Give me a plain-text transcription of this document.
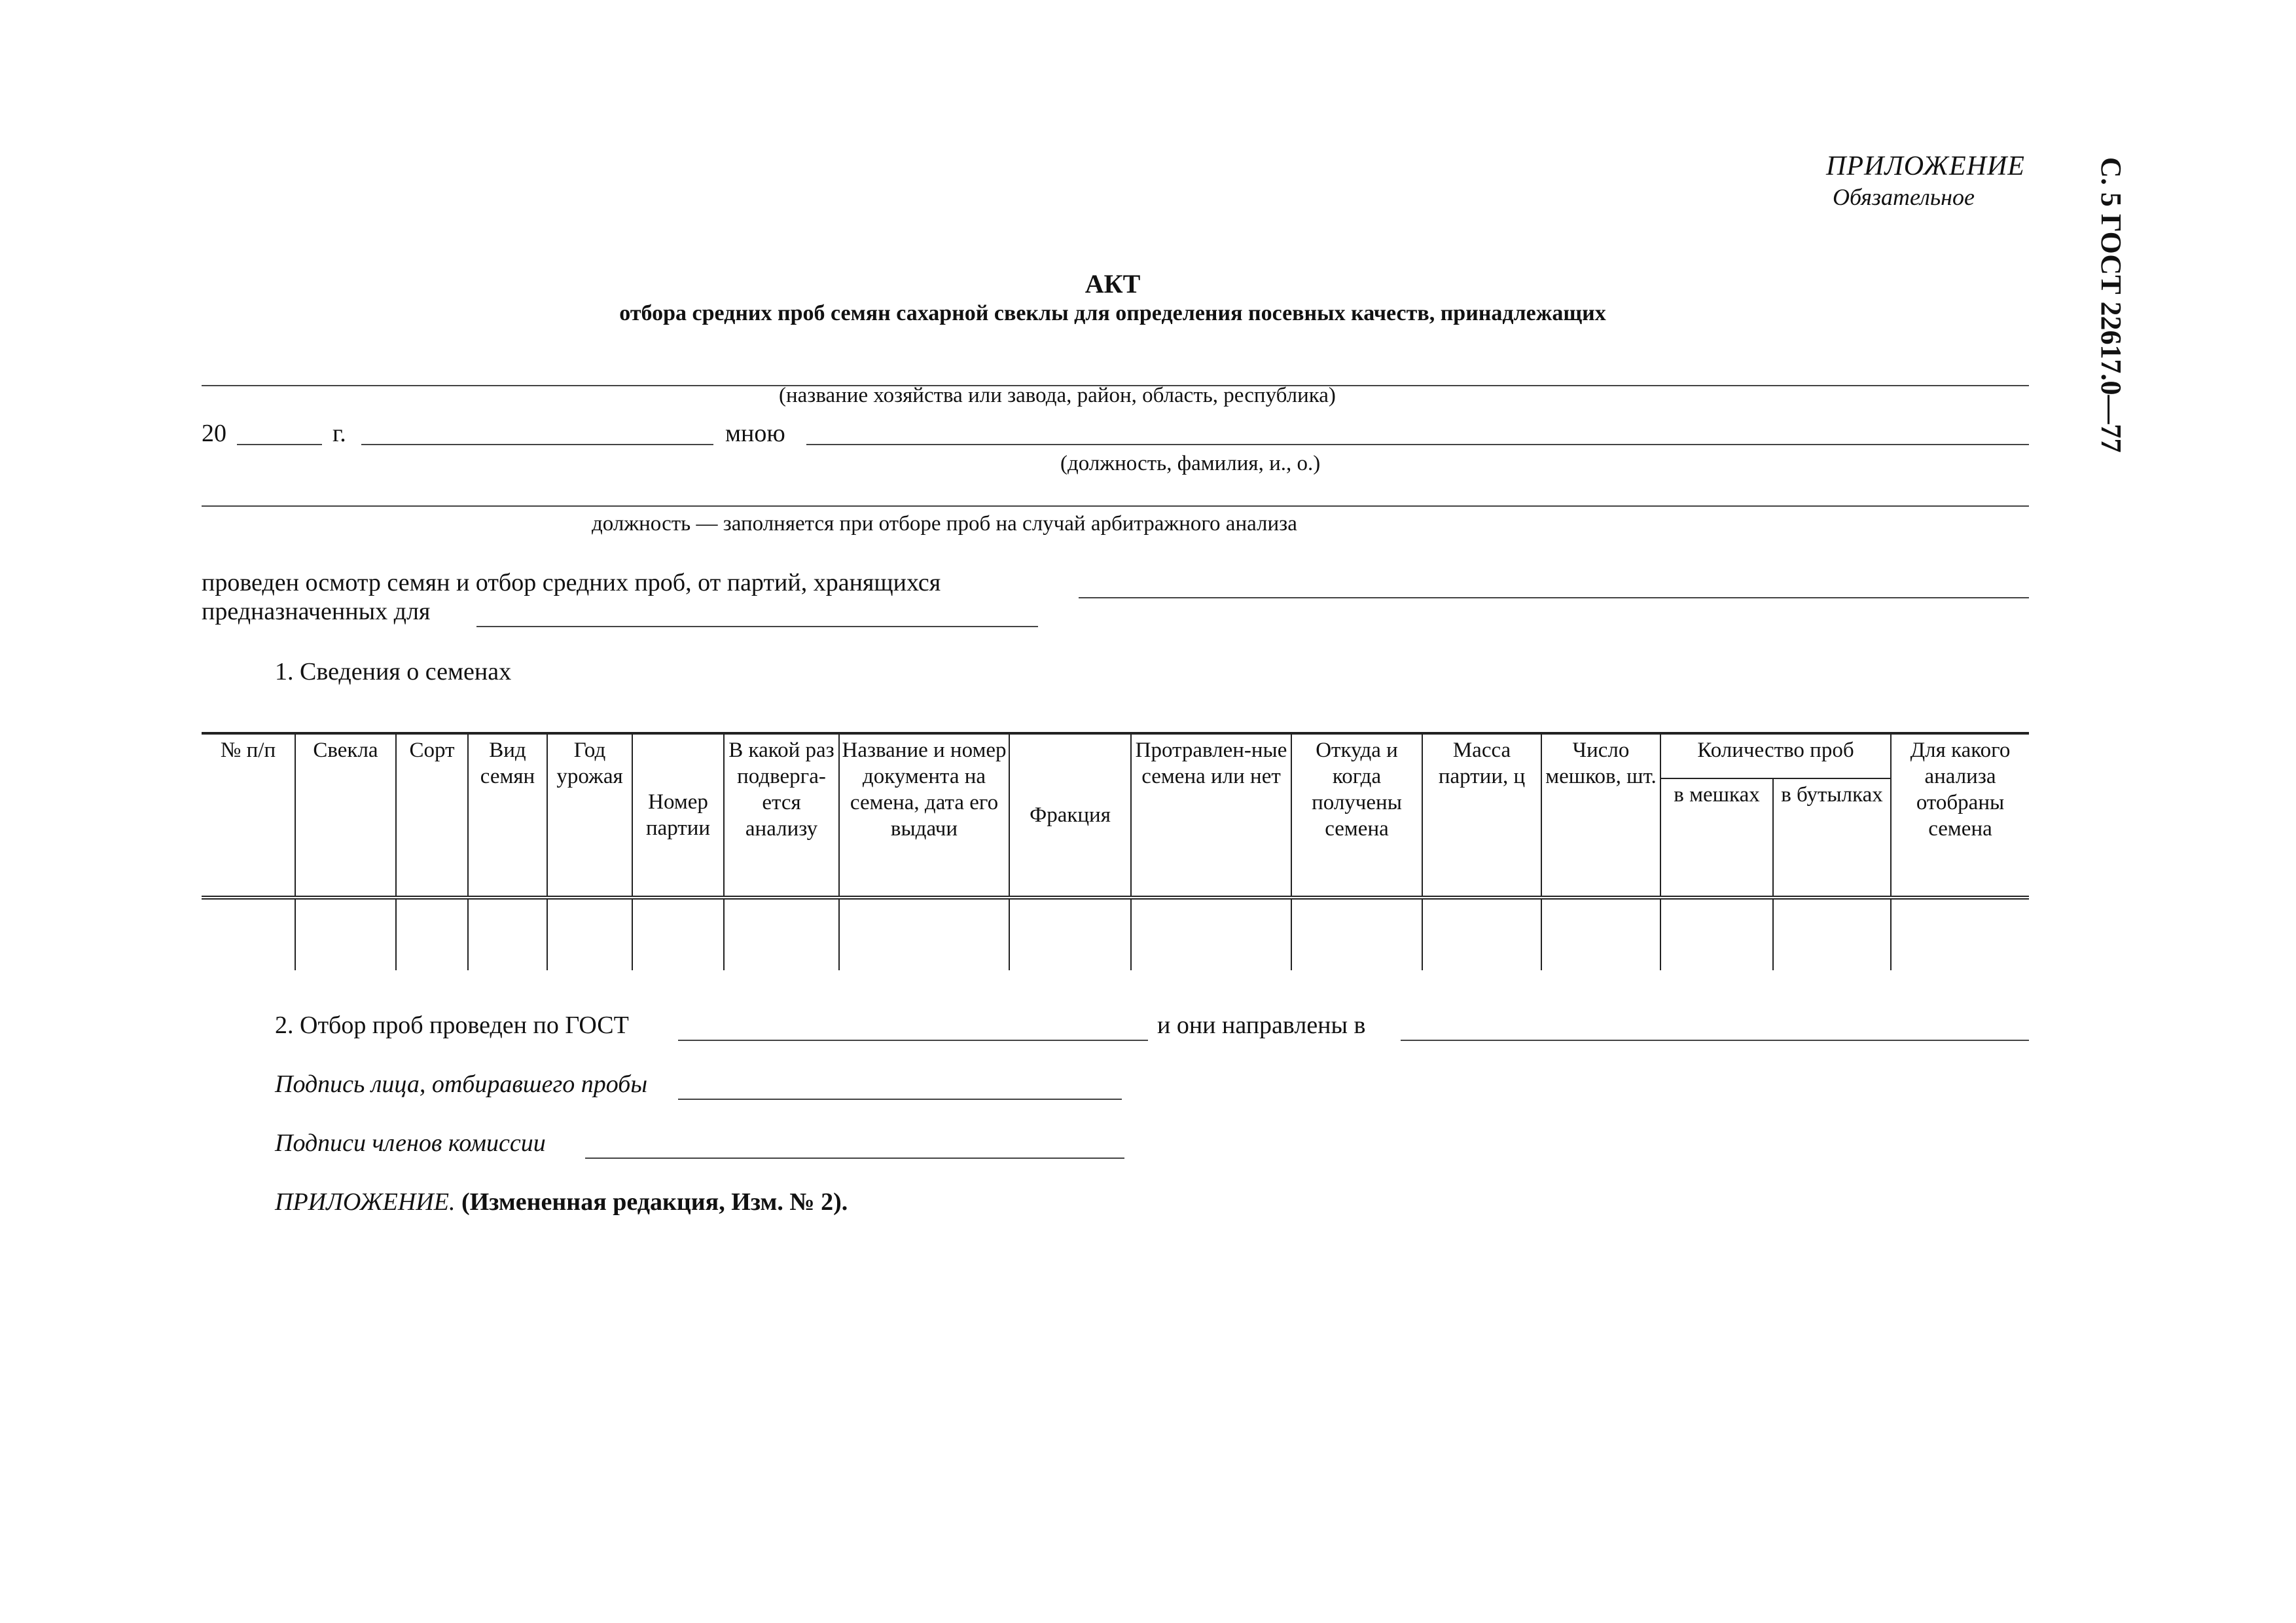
ПРИЛОЖЕНИЕ
Обязательное	С. 5 ГОСТ 22617.0—77
АКТ
отбора средних проб семян сахарной свеклы для определения посевных качеств, принадлежащих
(название хозяйства или завода, район, область, республика)
20	г.	мною
(должность, фамилия, и., о.)
должность — заполняется при отборе проб на случай арбитражного анализа
проведен осмотр семян и отбор средних проб, от партий, хранящихся
предназначенных для
1. Сведения о семенах
№ п/п	Свекла	Сорт	Вид семян	Год урожая	Номер партии	В какой раз подверга-ется анализу	Название и номер документа на семена, дата его выдачи	Фракция	Протравлен-ные семена или нет	Откуда и когда получены семена	Масса партии, ц	Число мешков, шт.	Количество проб		Для какого анализа отобраны семена
													в мешках	в бутылках	

2. Отбор проб проведен по ГОСТ	и они направлены в
Подпись лица, отбиравшего пробы
Подписи членов комиссии
ПРИЛОЖЕНИЕ. (Измененная редакция, Изм. № 2).
